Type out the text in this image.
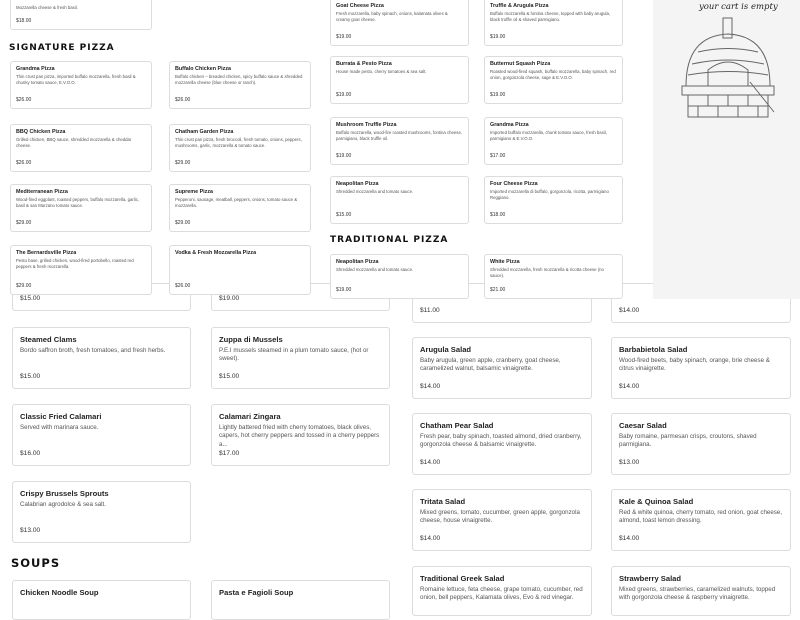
$15.00	$19.00
$11.00	$14.00
Steamed Clams
Bordo saffron broth, fresh tomatoes, and fresh herbs.
$15.00
Zuppa di Mussels
P.E.I mussels steamed in a plum tomato sauce, (hot or sweet).
$15.00
Arugula Salad
Baby arugula, green apple, cranberry, goat cheese, caramelized walnut, balsamic vinaigrette.
$14.00
Barbabietola Salad
Wood-fired beets, baby spinach, orange, brie cheese & citrus vinaigrette.
$14.00
Classic Fried Calamari
Served with marinara sauce.
$16.00
Calamari Zingara
Lightly battered fried with cherry tomatoes, black olives, capers, hot cherry peppers and tossed in a cherry peppers a...
$17.00
Chatham Pear Salad
Fresh pear, baby spinach, toasted almond, dried cranberry, gorgonzola cheese & balsamic vinaigrette.
$14.00
Caesar Salad
Baby romaine, parmesan crisps, croutons, shaved parmigiana.
$13.00
Crispy Brussels Sprouts
Calabrian agrodolce & sea salt.
$13.00
Tritata Salad
Mixed greens, tomato, cucumber, green apple, gorgonzola cheese, house vinaigrette.
$14.00
Kale & Quinoa Salad
Red & white quinoa, cherry tomato, red onion, goat cheese, almond, toast lemon dressing.
$14.00
Chicken Noodle Soup	Pasta e Fagioli Soup
Traditional Greek Salad
Romaine lettuce, feta cheese, grape tomato, cucumber, red onion, bell peppers, Kalamata olives, Evo & red vinegar.
Strawberry Salad
Mixed greens, strawberries, caramelized walnuts, topped with gorgonzola cheese & raspberry vinaigrette.
SOUPS
Mozzarella cheese & fresh basil.
$18.00
Goat Cheese Pizza
Fresh mozzarella, baby spinach, onions, kalamata olives & creamy goat cheese.
$19.00
Truffle & Arugula Pizza
Buffalo mozzarella & fontina cheese, topped with baby arugula, black truffle oil & shaved parmigiano.
$19.00
Grandma Pizza
Thin crust pan pizza, imported buffalo mozzarella, fresh basil & chunky tomato sauce, E.V.O.O.
$26.00
Buffalo Chicken Pizza
Buffalo chicken – breaded chicken, spicy buffalo sauce & shredded mozzarella cheese (blue cheese or ranch).
$26.00
Burrata & Pesto Pizza
House made pesto, cherry tomatoes & sea salt.
$19.00
Butternut Squash Pizza
Roasted wood-fired squash, buffalo mozzarella, baby spinach, red onion, gorgonzola cheese, sage & E.V.O.O.
$19.00
BBQ Chicken Pizza
Grilled chicken, BBQ sauce, shredded mozzarella & cheddar cheese.
$26.00
Chatham Garden Pizza
Thin crust pan pizza, fresh broccoli, fresh tomato, onions, peppers, mushrooms, garlic, mozzarella & tomato sauce.
$29.00
Mushroom Truffle Pizza
Buffalo mozzarella, wood-fire roasted mushrooms, fontina cheese, parmigiano, black truffle oil.
$19.00
Grandma Pizza
Imported buffalo mozzarella, chunk tomato sauce, fresh basil, parmigiano & E.V.O.O.
$17.00
Mediterranean Pizza
Wood-fired eggplant, roasted peppers, buffalo mozzarella, garlic, basil & san Marzano tomato sauce.
$29.00
Supreme Pizza
Pepperoni, sausage, meatball, peppers, onions, tomato sauce & mozzarella.
$29.00
Neapolitan Pizza
Shredded mozzarella and tomato sauce.
$15.00
Four Cheese Pizza
Imported mozzarella di buffalo, gorgonzola, ricotta, parmigiano Reggiano.
$18.00
The Bernardsville Pizza
Pesto base, grilled chicken, wood-fired portobello, roasted red peppers & fresh mozzarella.
$29.00
Vodka & Fresh Mozzarella Pizza
$26.00
Neapolitan Pizza
Shredded mozzarella and tomato sauce.
$19.00
White Pizza
Shredded mozzarella, fresh mozzarella & ricotta cheese (no sauce).
$21.00
SIGNATURE PIZZA
TRADITIONAL PIZZA
your cart is empty
